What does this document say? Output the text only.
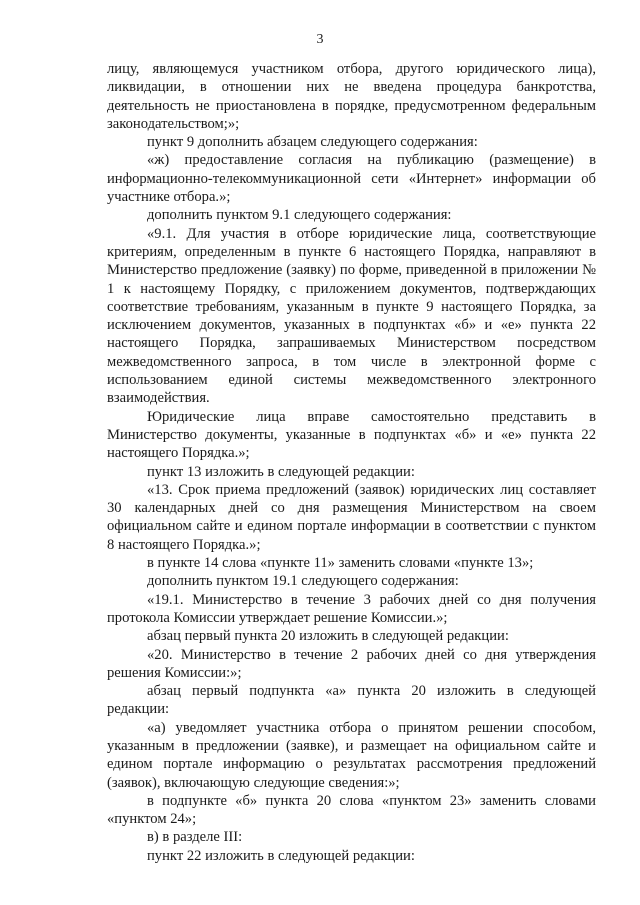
3

лицу, являющемуся участником отбора, другого юридического лица), ликвидации, в отношении них не введена процедура банкротства, деятельность не приостановлена в порядке, предусмотренном федеральным законодательством;»;

пункт 9 дополнить абзацем следующего содержания:

«ж) предоставление согласия на публикацию (размещение) в информационно-телекоммуникационной сети «Интернет» информации об участнике отбора.»;

дополнить пунктом 9.1 следующего содержания:

«9.1. Для участия в отборе юридические лица, соответствующие критериям, определенным в пункте 6 настоящего Порядка, направляют в Министерство предложение (заявку) по форме, приведенной в приложении № 1 к настоящему Порядку, с приложением документов, подтверждающих соответствие требованиям, указанным в пункте 9 настоящего Порядка, за исключением документов, указанных в подпунктах «б» и «е» пункта 22 настоящего Порядка, запрашиваемых Министерством посредством межведомственного запроса, в том числе в электронной форме с использованием единой системы межведомственного электронного взаимодействия.

Юридические лица вправе самостоятельно представить в Министерство документы, указанные в подпунктах «б» и «е» пункта 22 настоящего Порядка.»;

пункт 13 изложить в следующей редакции:

«13. Срок приема предложений (заявок) юридических лиц составляет 30 календарных дней со дня размещения Министерством на своем официальном сайте и едином портале информации в соответствии с пунктом 8 настоящего Порядка.»;

в пункте 14 слова «пункте 11» заменить словами «пункте 13»;

дополнить пунктом 19.1 следующего содержания:

«19.1. Министерство в течение 3 рабочих дней со дня получения протокола Комиссии утверждает решение Комиссии.»;

абзац первый пункта 20 изложить в следующей редакции:

«20. Министерство в течение 2 рабочих дней со дня утверждения решения Комиссии:»;

абзац первый подпункта «а» пункта 20 изложить в следующей редакции:

«а) уведомляет участника отбора о принятом решении способом, указанным в предложении (заявке), и размещает на официальном сайте и едином портале информацию о результатах рассмотрения предложений (заявок), включающую следующие сведения:»;

в подпункте «б» пункта 20 слова «пунктом 23» заменить словами «пунктом 24»;

в) в разделе III:

пункт 22 изложить в следующей редакции:
